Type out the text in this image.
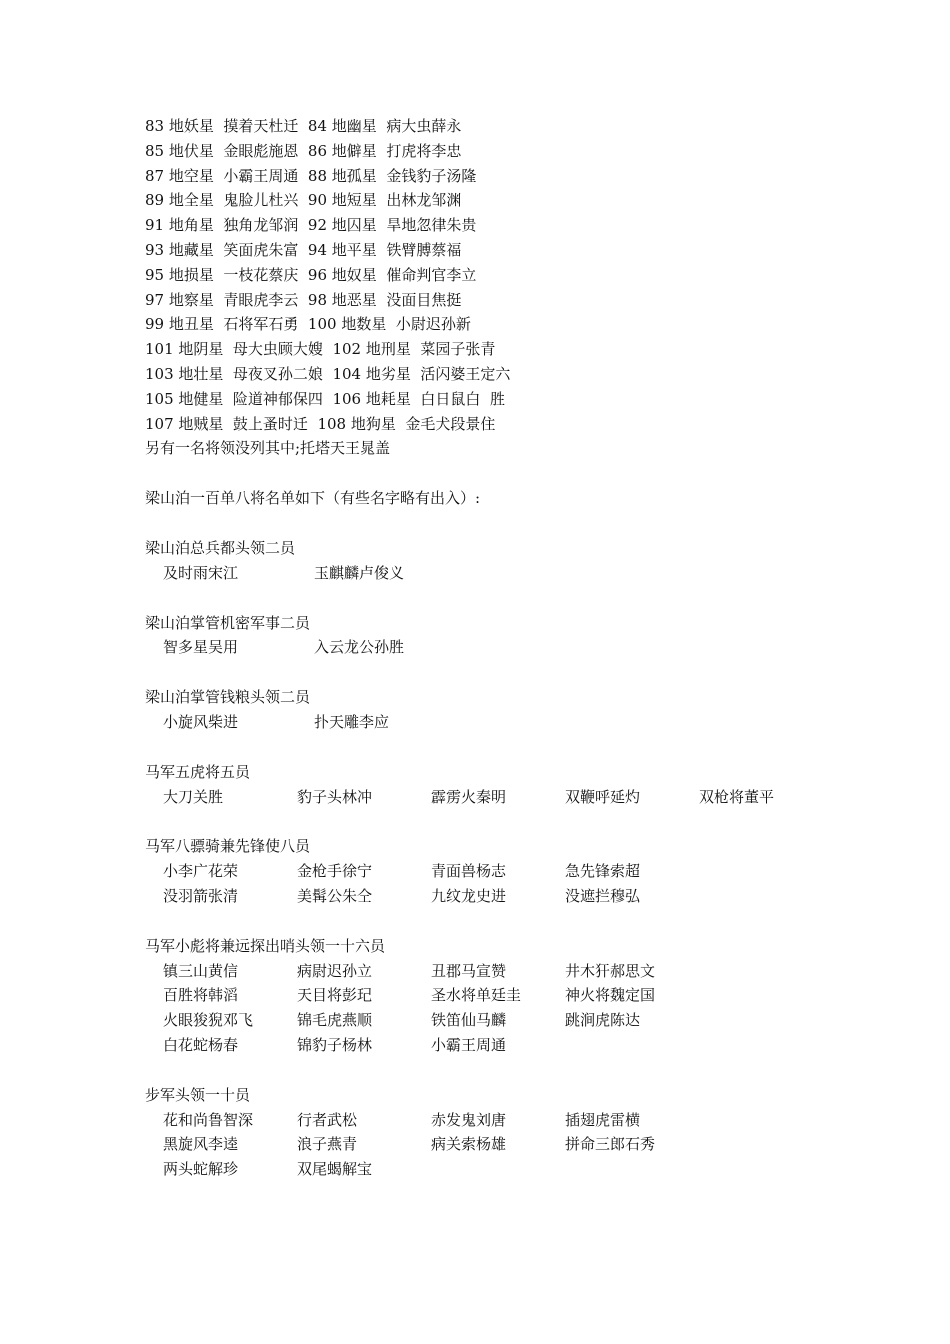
83 地妖星  摸着天杜迁  84 地幽星  病大虫薛永
85 地伏星  金眼彪施恩  86 地僻星  打虎将李忠
87 地空星  小霸王周通  88 地孤星  金钱豹子汤隆
89 地全星  鬼脸儿杜兴  90 地短星  出林龙邹渊
91 地角星  独角龙邹润  92 地囚星  旱地忽律朱贵
93 地藏星  笑面虎朱富  94 地平星  铁臂膊蔡福
95 地损星  一枝花蔡庆  96 地奴星  催命判官李立
97 地察星  青眼虎李云  98 地恶星  没面目焦挺
99 地丑星  石将军石勇  100 地数星  小尉迟孙新
101 地阴星  母大虫顾大嫂  102 地刑星  菜园子张青
103 地壮星  母夜叉孙二娘  104 地劣星  活闪婆王定六
105 地健星  险道神郁保四  106 地耗星  白日鼠白  胜
107 地贼星  鼓上蚤时迁  108 地狗星  金毛犬段景住
另有一名将领没列其中;托塔天王晁盖
梁山泊一百单八将名单如下（有些名字略有出入）:
梁山泊总兵都头领二员
及时雨宋江	玉麒麟卢俊义
梁山泊掌管机密军事二员
智多星吴用	入云龙公孙胜
梁山泊掌管钱粮头领二员
小旋风柴进	扑天雕李应
马军五虎将五员
大刀关胜	豹子头林冲	霹雳火秦明	双鞭呼延灼	双枪将董平
马军八骠骑兼先锋使八员
小李广花荣	金枪手徐宁	青面兽杨志	急先锋索超
没羽箭张清	美髯公朱仝	九纹龙史进	没遮拦穆弘
马军小彪将兼远探出哨头领一十六员
镇三山黄信	病尉迟孙立	丑郡马宣赞	井木犴郝思文
百胜将韩滔	天目将彭玘	圣水将单廷圭	神火将魏定国
火眼狻猊邓飞	锦毛虎燕顺	铁笛仙马麟	跳涧虎陈达
白花蛇杨春	锦豹子杨林	小霸王周通
步军头领一十员
花和尚鲁智深	行者武松	赤发鬼刘唐	插翅虎雷横
黑旋风李逵	浪子燕青	病关索杨雄	拼命三郎石秀
两头蛇解珍	双尾蝎解宝
